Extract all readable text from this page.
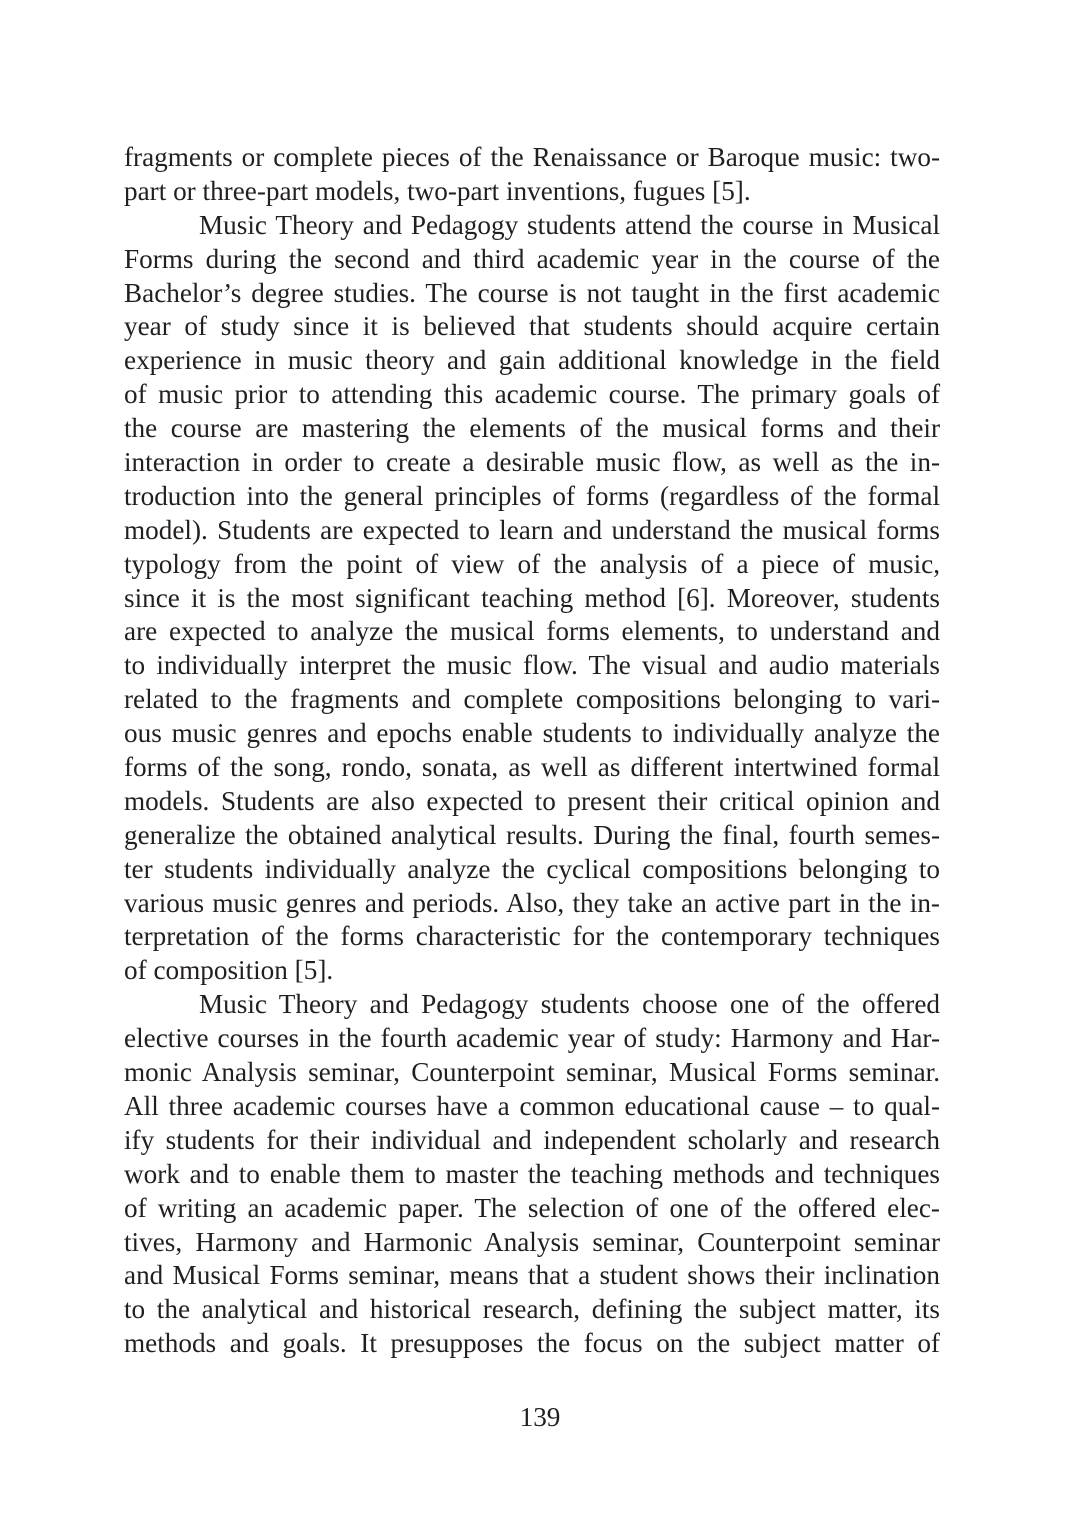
fragments or complete pieces of the Renaissance or Baroque music: two-
part or three-part models, two-part inventions, fugues [5].
Music Theory and Pedagogy students attend the course in Musical
Forms during the second and third academic year in the course of the
Bachelor’s degree studies. The course is not taught in the first academic
year of study since it is believed that students should acquire certain
experience in music theory and gain additional knowledge in the field
of music prior to attending this academic course. The primary goals of
the course are mastering the elements of the musical forms and their
interaction in order to create a desirable music flow, as well as the in-
troduction into the general principles of forms (regardless of the formal
model). Students are expected to learn and understand the musical forms
typology from the point of view of the analysis of a piece of music,
since it is the most significant teaching method [6]. Moreover, students
are expected to analyze the musical forms elements, to understand and
to individually interpret the music flow. The visual and audio materials
related to the fragments and complete compositions belonging to vari-
ous music genres and epochs enable students to individually analyze the
forms of the song, rondo, sonata, as well as different intertwined formal
models. Students are also expected to present their critical opinion and
generalize the obtained analytical results. During the final, fourth semes-
ter students individually analyze the cyclical compositions belonging to
various music genres and periods. Also, they take an active part in the in-
terpretation of the forms characteristic for the contemporary techniques
of composition [5].
Music Theory and Pedagogy students choose one of the offered
elective courses in the fourth academic year of study: Harmony and Har-
monic Analysis seminar, Counterpoint seminar, Musical Forms seminar.
All three academic courses have a common educational cause – to qual-
ify students for their individual and independent scholarly and research
work and to enable them to master the teaching methods and techniques
of writing an academic paper. The selection of one of the offered elec-
tives, Harmony and Harmonic Analysis seminar, Counterpoint seminar
and Musical Forms seminar, means that a student shows their inclination
to the analytical and historical research, defining the subject matter, its
methods and goals. It presupposes the focus on the subject matter of
139
